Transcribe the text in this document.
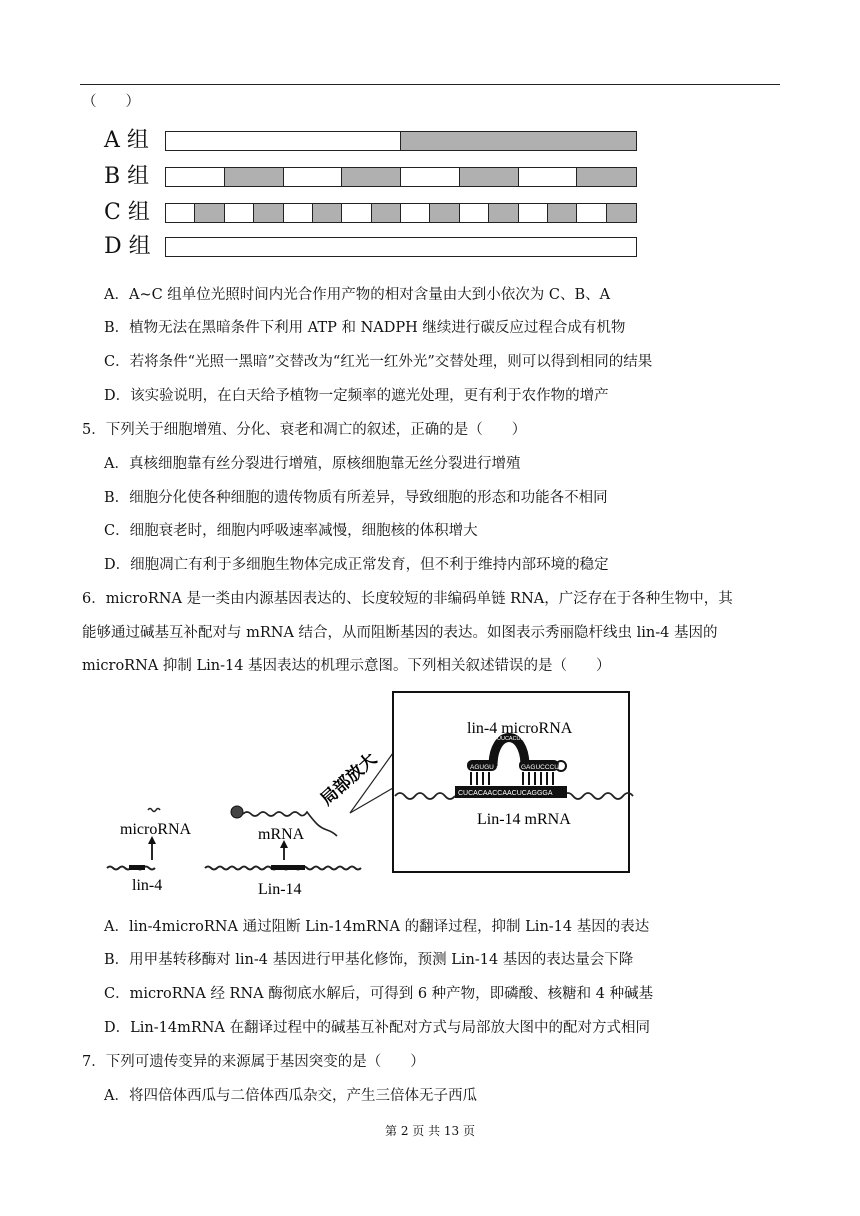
（　　）
A 组
B 组
C 组
D 组
A．A~C 组单位光照时间内光合作用产物的相对含量由大到小依次为 C、B、A
B．植物无法在黑暗条件下利用 ATP 和 NADPH 继续进行碳反应过程合成有机物
C．若将条件“光照一黑暗”交替改为“红光一红外光”交替处理，则可以得到相同的结果
D．该实验说明，在白天给予植物一定频率的遮光处理，更有利于农作物的增产
5．下列关于细胞增殖、分化、衰老和凋亡的叙述，正确的是（　　）
A．真核细胞靠有丝分裂进行增殖，原核细胞靠无丝分裂进行增殖
B．细胞分化使各种细胞的遗传物质有所差异，导致细胞的形态和功能各不相同
C．细胞衰老时，细胞内呼吸速率减慢，细胞核的体积增大
D．细胞凋亡有利于多细胞生物体完成正常发育，但不利于维持内部环境的稳定
6．microRNA 是一类由内源基因表达的、长度较短的非编码单链 RNA，广泛存在于各种生物中，其
能够通过碱基互补配对与 mRNA 结合，从而阻断基因的表达。如图表示秀丽隐杆线虫 lin-4 基因的
microRNA 抑制 Lin-14 基因表达的机理示意图。下列相关叙述错误的是（　　）
AGUGU	GAGUCCCU
UUCACUCC
CUCACAACCAACUCAGGGA
lin-4 microRNA
Lin-14 mRNA
microRNA	mRNA
lin-4	Lin-14
局部放大
A．lin-4microRNA 通过阻断 Lin-14mRNA 的翻译过程，抑制 Lin-14 基因的表达
B．用甲基转移酶对 lin-4 基因进行甲基化修饰，预测 Lin-14 基因的表达量会下降
C．microRNA 经 RNA 酶彻底水解后，可得到 6 种产物，即磷酸、核糖和 4 种碱基
D．Lin-14mRNA 在翻译过程中的碱基互补配对方式与局部放大图中的配对方式相同
7．下列可遗传变异的来源属于基因突变的是（　　）
A．将四倍体西瓜与二倍体西瓜杂交，产生三倍体无子西瓜
第 2 页 共 13 页
